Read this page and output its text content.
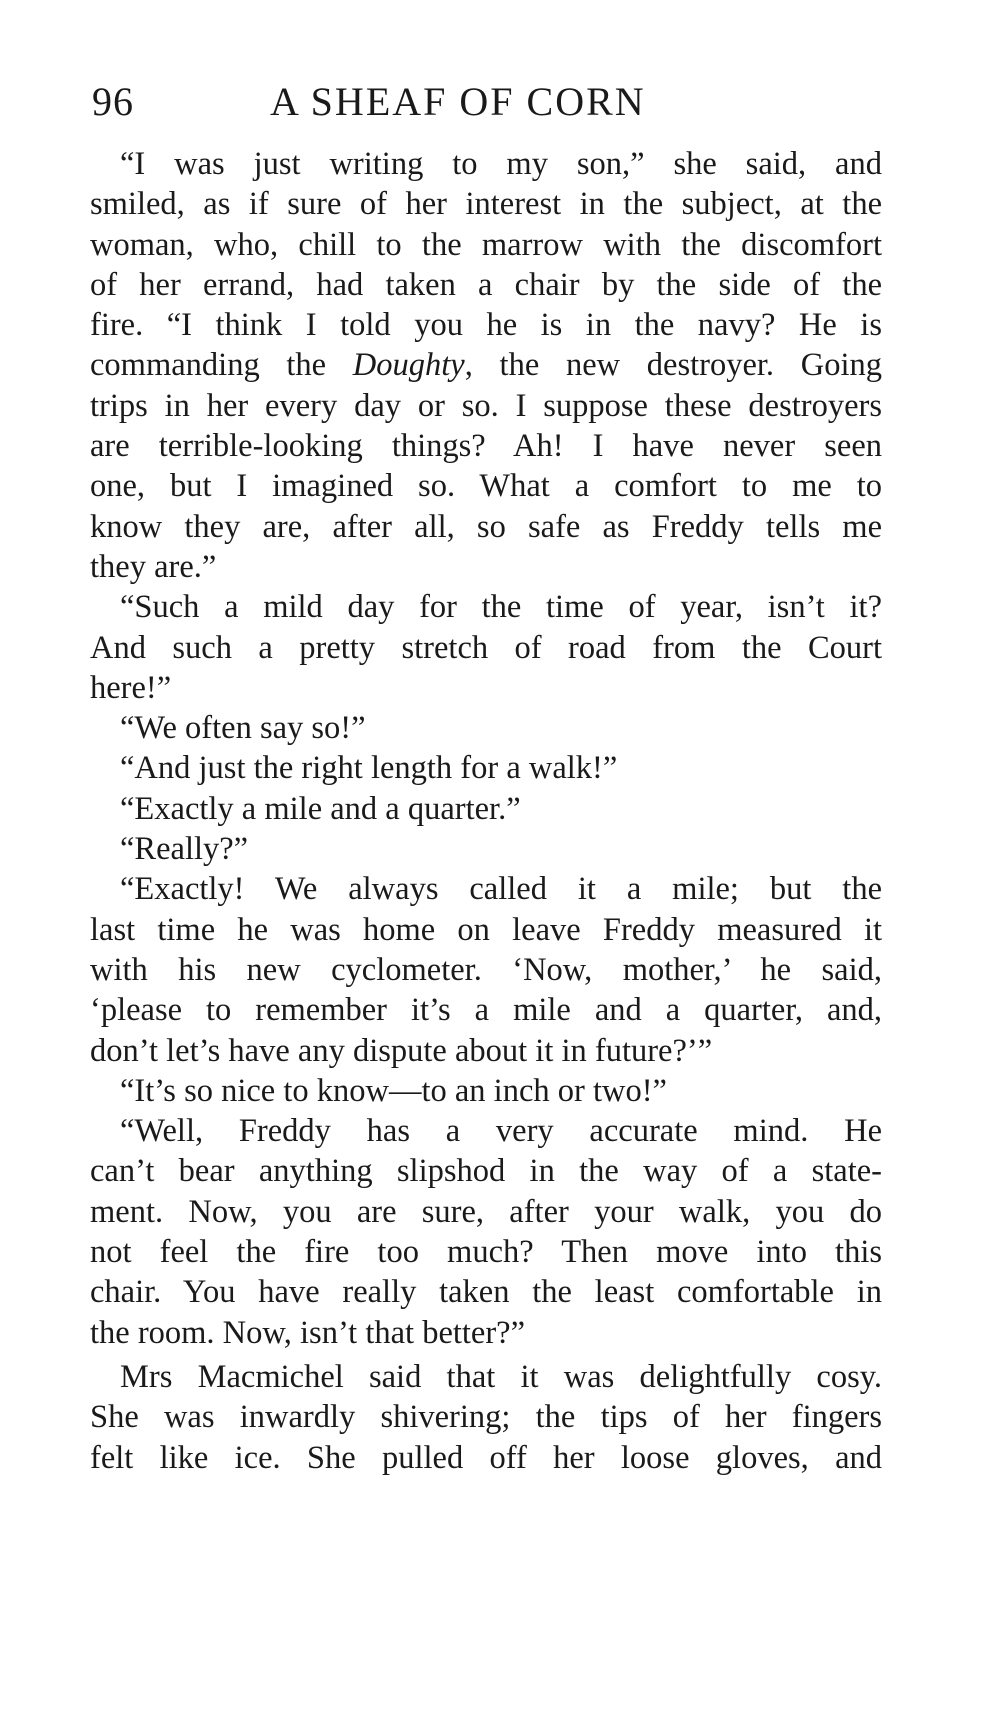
96	A SHEAF OF CORN
“I was just writing to my son,” she said, and
smiled, as if sure of her interest in the subject, at the
woman, who, chill to the marrow with the discomfort
of her errand, had taken a chair by the side of the
fire. “I think I told you he is in the navy? He is
commanding the Doughty, the new destroyer. Going
trips in her every day or so. I suppose these destroyers
are terrible-looking things? Ah! I have never seen
one, but I imagined so. What a comfort to me to
know they are, after all, so safe as Freddy tells me
they are.”
“Such a mild day for the time of year, isn’t it?
And such a pretty stretch of road from the Court
here!”
“We often say so!”
“And just the right length for a walk!”
“Exactly a mile and a quarter.”
“Really?”
“Exactly! We always called it a mile; but the
last time he was home on leave Freddy measured it
with his new cyclometer. ‘Now, mother,’ he said,
‘please to remember it’s a mile and a quarter, and,
don’t let’s have any dispute about it in future?’”
“It’s so nice to know—to an inch or two!”
“Well, Freddy has a very accurate mind. He
can’t bear anything slipshod in the way of a state-
ment. Now, you are sure, after your walk, you do
not feel the fire too much? Then move into this
chair. You have really taken the least comfortable in
the room. Now, isn’t that better?”
Mrs Macmichel said that it was delightfully cosy.
She was inwardly shivering; the tips of her fingers
felt like ice. She pulled off her loose gloves, and
